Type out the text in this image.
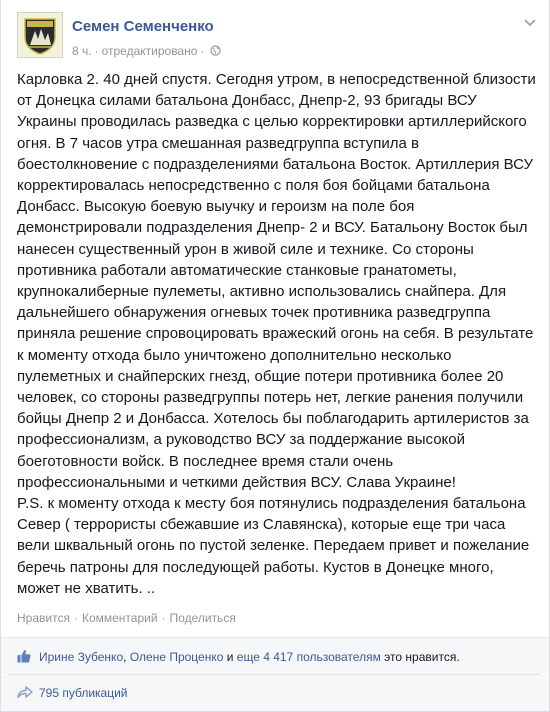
Семен Семенченко
8 ч. · отредактировано ·

Карловка 2. 40 дней спустя. Сегодня утром, в непосредственной близости от Донецка силами батальона Донбасс, Днепр-2, 93 бригады ВСУ Украины проводилась разведка с целью корректировки артиллерийского огня. В 7 часов утра смешанная разведгруппа вступила в боестолкновение с подразделениями батальона Восток. Артиллерия ВСУ корректировалась непосредственно с поля боя бойцами батальона Донбасс. Высокую боевую выучку и героизм на поле боя демонстрировали подразделения Днепр- 2 и ВСУ. Батальону Восток был нанесен существенный урон в живой силе и технике. Со стороны противника работали автоматические станковые гранатометы, крупнокалиберные пулеметы, активно использовались снайпера. Для дальнейшего обнаружения огневых точек противника разведгруппа приняла решение спровоцировать вражеский огонь на себя. В результате к моменту отхода было уничтожено дополнительно несколько пулеметных и снайперских гнезд, общие потери противника более 20 человек, со стороны разведгруппы потерь нет, легкие ранения получили бойцы Днепр 2 и Донбасса. Хотелось бы поблагодарить артилеристов за профессионализм, а руководство ВСУ за поддержание высокой боеготовности войск. В последнее время стали очень профессиональными и четкими действия ВСУ. Слава Украине!
P.S. к моменту отхода к месту боя потянулись подразделения батальона Север ( террористы сбежавшие из Славянска), которые еще три часа вели шквальный огонь по пустой зеленке. Передаем привет и пожелание беречь патроны для последующей работы. Кустов в Донецке много, может не хватить. ..

Нравится · Комментарий · Поделиться
Ирине Зубенко, Олене Проценко и еще 4 417 пользователям это нравится.
795 публикаций
